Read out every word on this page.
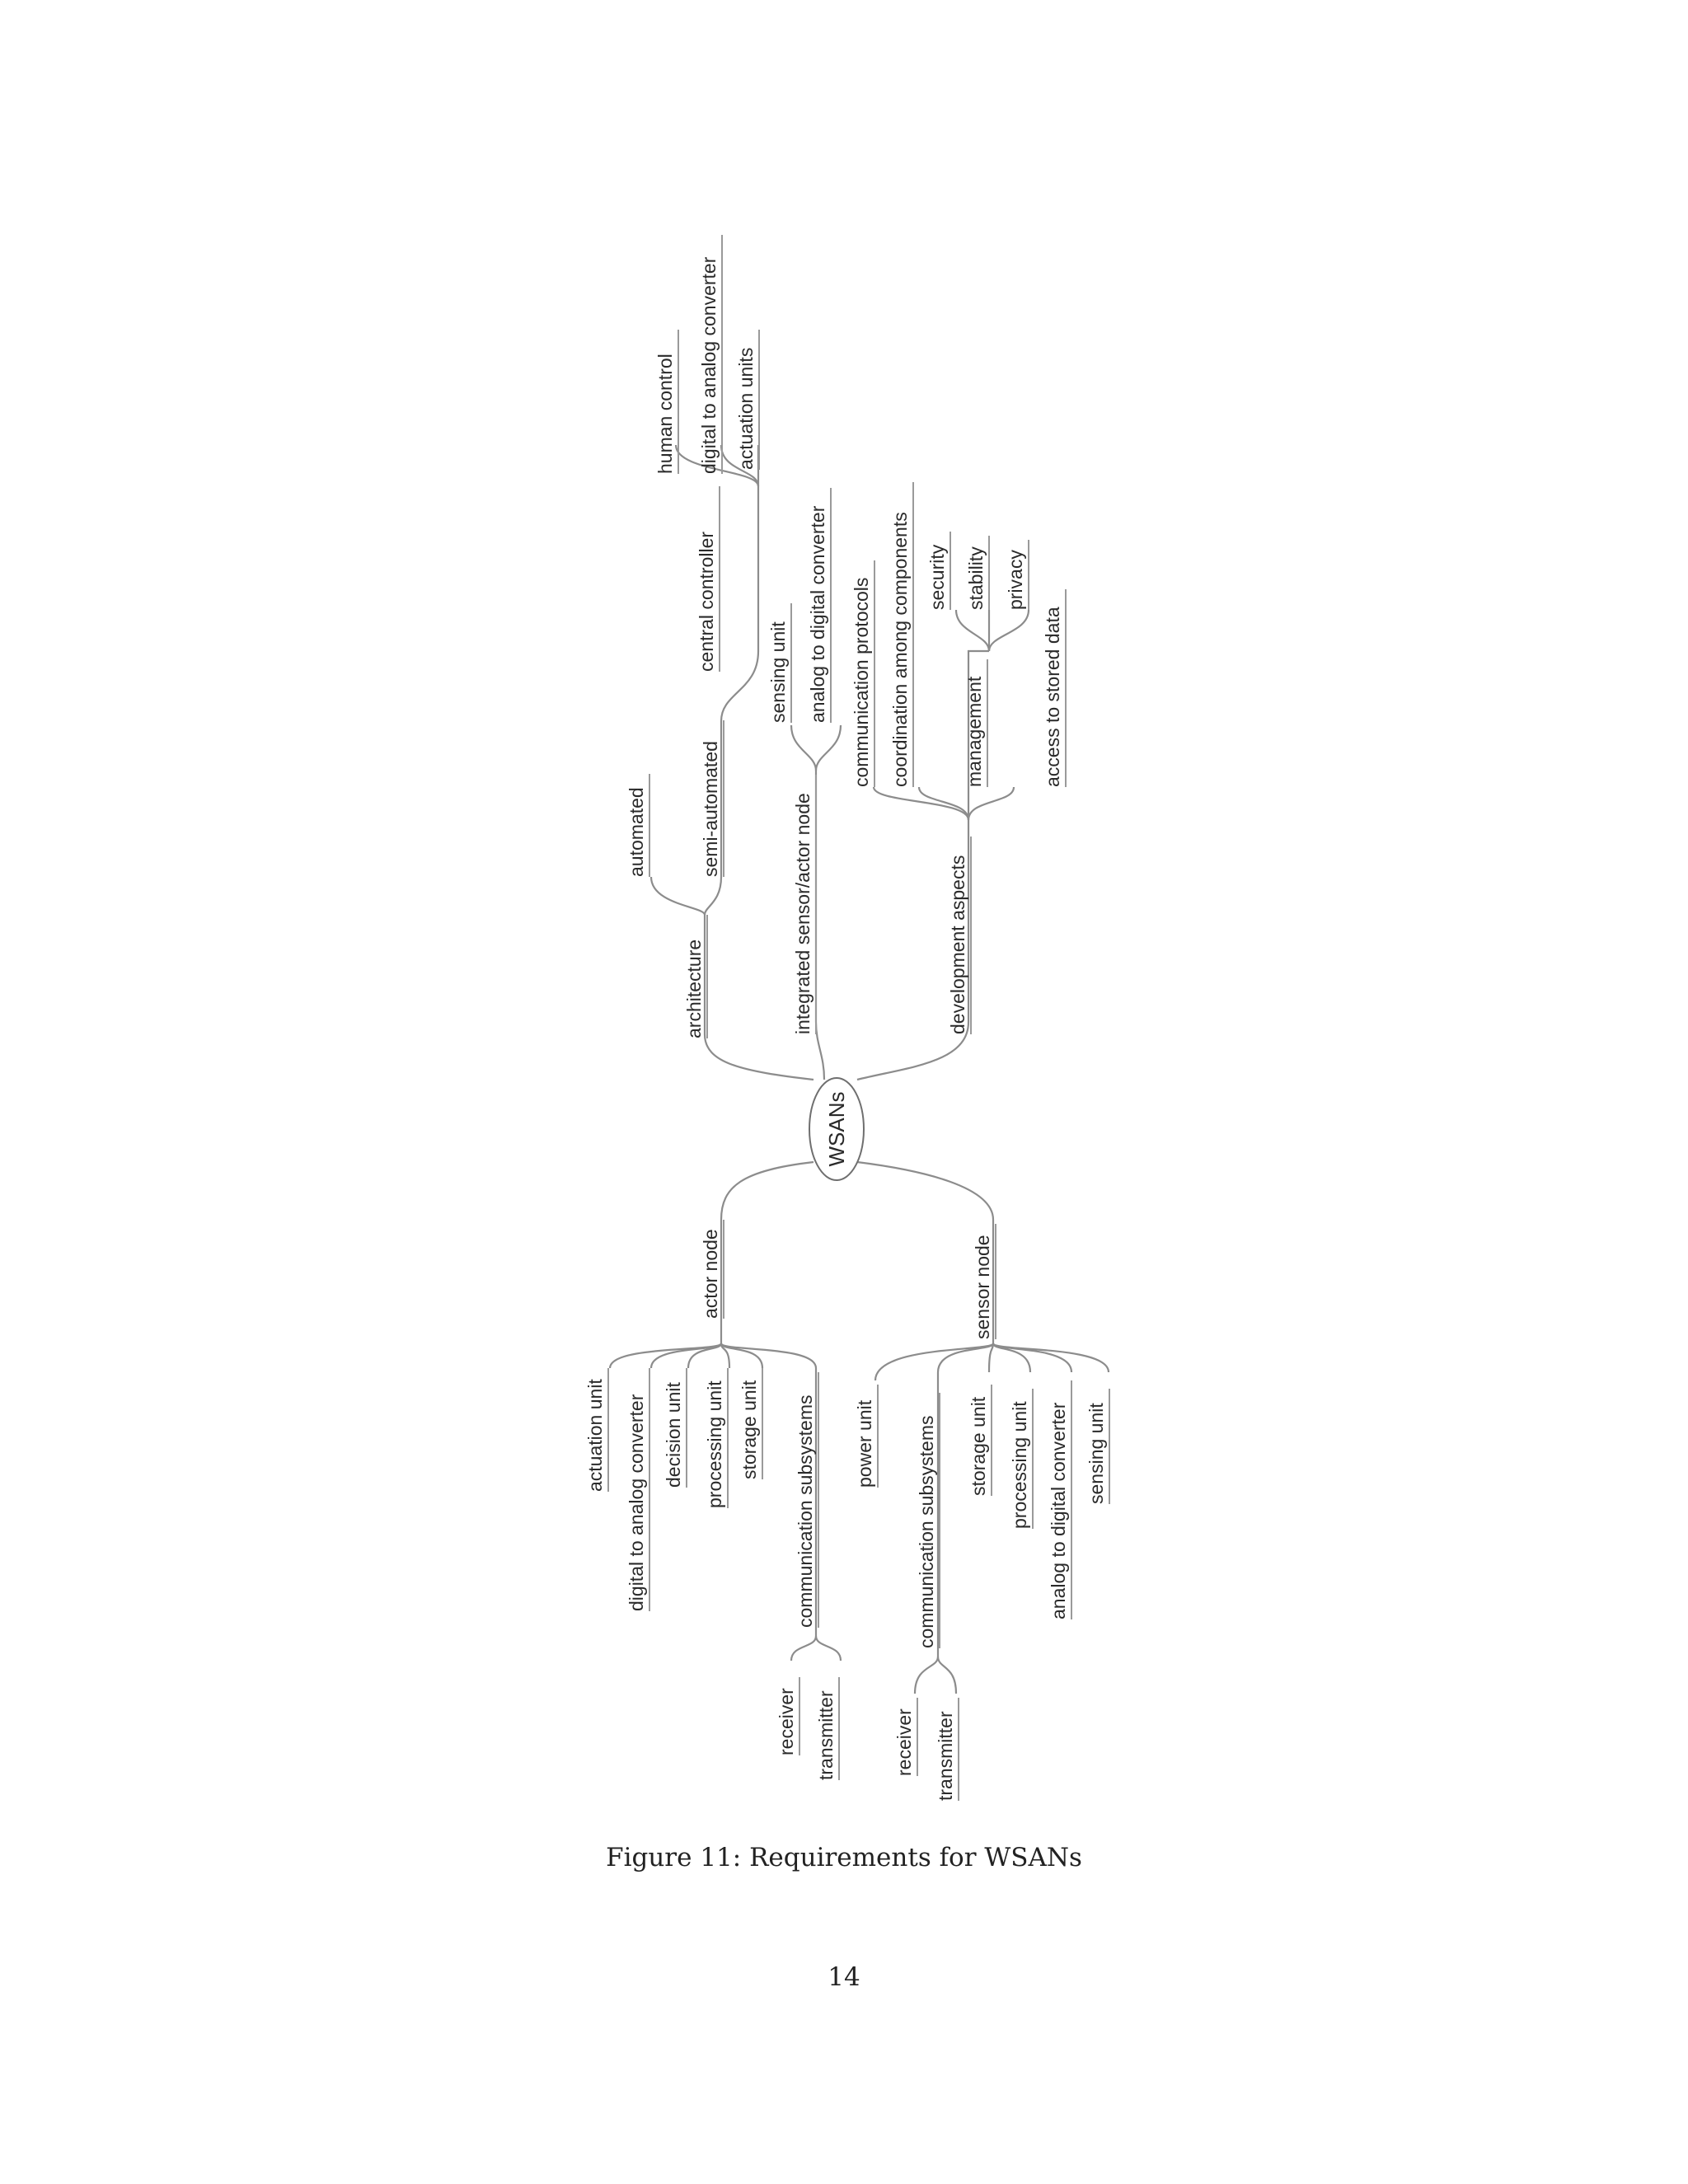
WSANs
architecture
automated	semi-automated
central controller
human control digital to analog converter actuation units
integrated sensor/actor node
sensing unit analog to digital converter
development aspects
communication protocols coordination among components	management
security stability privacy
access to stored data
actor node
actuation unit digital to analog converter decision unit processing unit storage unit communication subsystems
receiver transmitter
sensor node
power unit communication subsystems
receiver transmitter
storage unit processing unit analog to digital converter sensing unit
Figure 11: Requirements for WSANs
14
